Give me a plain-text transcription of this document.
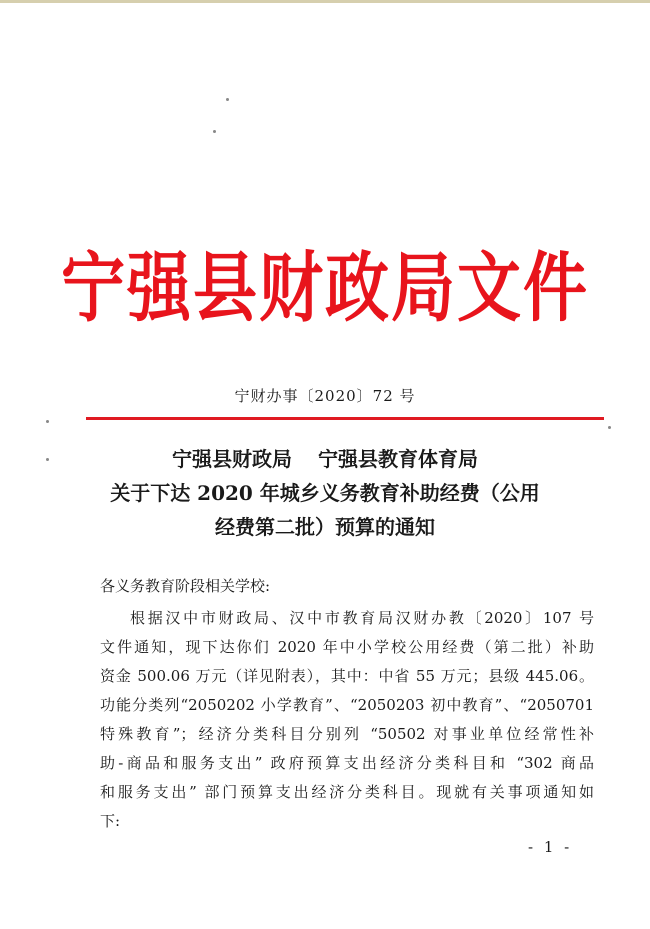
宁强县财政局文件
宁财办事〔2020〕72 号
宁强县财政局 宁强县教育体育局
关于下达 2020 年城乡义务教育补助经费（公用
经费第二批）预算的通知
各义务教育阶段相关学校:
根据汉中市财政局、汉中市教育局汉财办教〔2020〕107 号
文件通知，现下达你们 2020 年中小学校公用经费（第二批）补助
资金 500.06 万元（详见附表），其中：中省 55 万元；县级 445.06。
功能分类列“2050202 小学教育”、“2050203 初中教育”、“2050701
特殊教育”；经济分类科目分别列 “50502 对事业单位经常性补
助-商品和服务支出” 政府预算支出经济分类科目和 “302 商品
和服务支出” 部门预算支出经济分类科目。现就有关事项通知如
下:
- 1 -
